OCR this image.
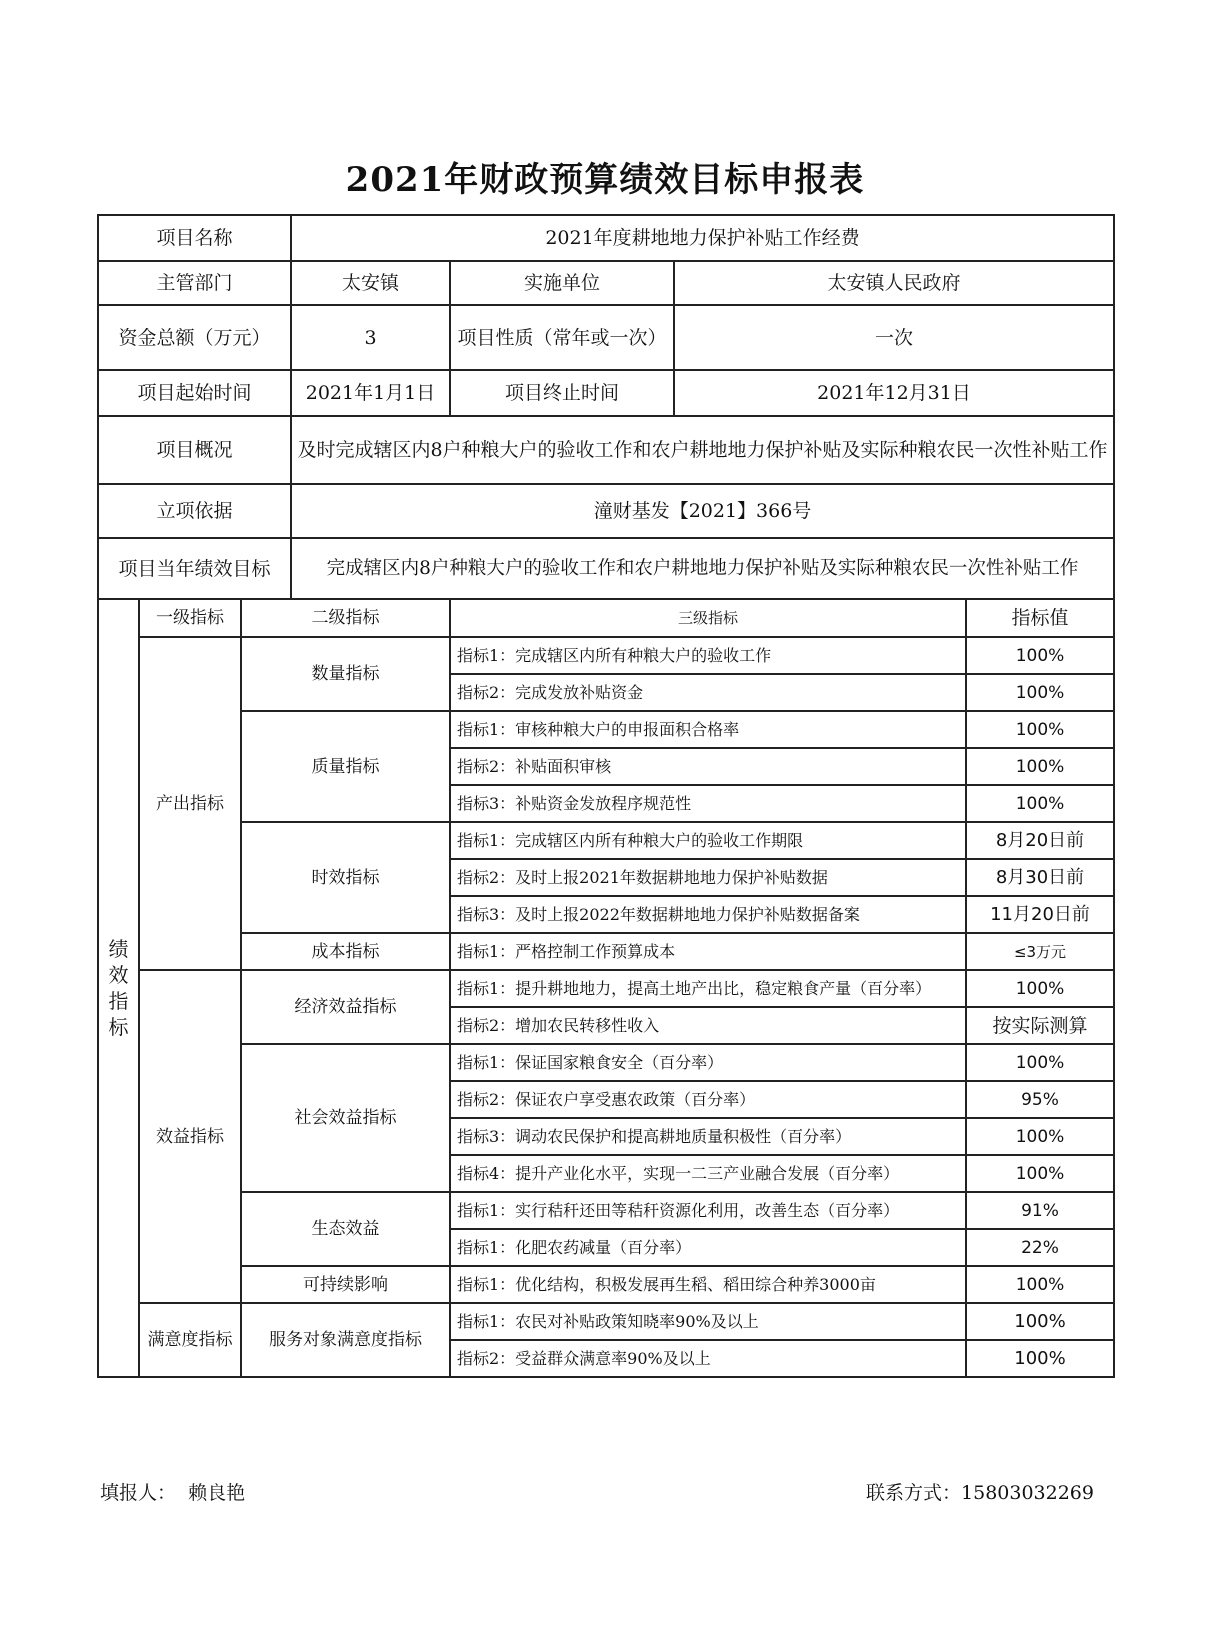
2021年财政预算绩效目标申报表
项目名称			2021年度耕地地力保护补贴工作经费			
主管部门			太安镇	实施单位	太安镇人民政府	
资金总额（万元）			3	项目性质（常年或一次）	一次	
项目起始时间			2021年1月1日	项目终止时间	2021年12月31日	
项目概况			及时完成辖区内8户种粮大户的验收工作和农户耕地地力保护补贴及实际种粮农民一次性补贴工作			
立项依据			潼财基发【2021】366号			
项目当年绩效目标			完成辖区内8户种粮大户的验收工作和农户耕地地力保护补贴及实际种粮农民一次性补贴工作			

绩效指标	一级指标	二级指标		三级指标		指标值
	产出指标	数量指标		指标1：完成辖区内所有种粮大户的验收工作		100%
				指标2：完成发放补贴资金		100%
		质量指标		指标1：审核种粮大户的申报面积合格率		100%
				指标2：补贴面积审核		100%
				指标3：补贴资金发放程序规范性		100%
		时效指标		指标1：完成辖区内所有种粮大户的验收工作期限		8月20日前
				指标2：及时上报2021年数据耕地地力保护补贴数据		8月30日前
				指标3：及时上报2022年数据耕地地力保护补贴数据备案		11月20日前
		成本指标		指标1：严格控制工作预算成本		≤3万元
	效益指标	经济效益指标		指标1：提升耕地地力，提高土地产出比，稳定粮食产量（百分率）		100%
				指标2：增加农民转移性收入		按实际测算
		社会效益指标		指标1：保证国家粮食安全（百分率）		100%
				指标2：保证农户享受惠农政策（百分率）		95%
				指标3：调动农民保护和提高耕地质量积极性（百分率）		100%
				指标4：提升产业化水平，实现一二三产业融合发展（百分率）		100%
		生态效益		指标1：实行秸秆还田等秸秆资源化利用，改善生态（百分率）		91%
				指标1：化肥农药减量（百分率）		22%
		可持续影响		指标1：优化结构，积极发展再生稻、稻田综合种养3000亩		100%
	满意度指标	服务对象满意度指标		指标1：农民对补贴政策知晓率90%及以上		100%
				指标2：受益群众满意率90%及以上		100%
填报人： 赖良艳	联系方式：15803032269
